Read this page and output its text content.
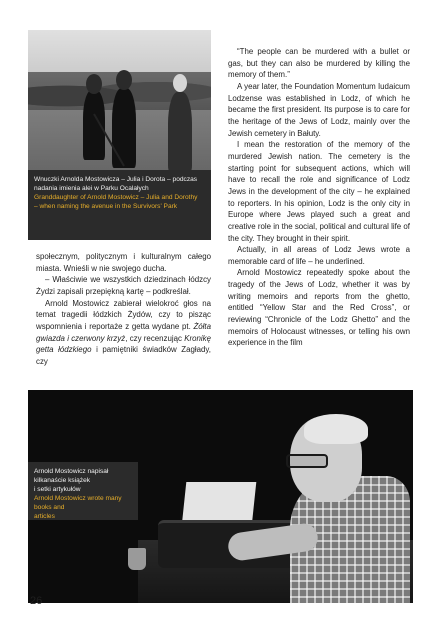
Wnuczki Arnolda Mostowicza – Julia i Dorota – podczas
nadania imienia alei w Parku Ocalałych
Granddaughter of Arnold Mostowicz – Julia and Dorothy
– when naming the avenue in the Survivors' Park

społecznym, politycznym i kulturalnym całego miasta. Wnieśli w nie swojego ducha.

– Właściwie we wszystkich dziedzinach łódzcy Żydzi zapisali przepiękną kartę – podkreślał.

Arnold Mostowicz zabierał wielokroć głos na temat tragedii łódzkich Żydów, czy to pisząc wspomnienia i reportaże z getta wydane pt. Żółta gwiazda i czerwony krzyż, czy recenzując Kronikę getta łódzkiego i pamiętniki świadków Zagłady, czy

“The people can be murdered with a bullet or gas, but they can also be murdered by killing the memory of them.”

A year later, the Foundation Momentum Iudaicum Lodzense was established in Lodz, of which he became the first president. Its purpose is to care for the heritage of the Jews of Lodz, mainly over the Jewish cemetery in Bałuty.

I mean the restoration of the memory of the murdered Jewish nation. The cemetery is the starting point for subsequent actions, which will have to recall the role and significance of Lodz Jews in the development of the city – he explained to reporters. In his opinion, Lodz is the only city in Europe where Jews played such a great and creative role in the social, political and cultural life of the city. They brought in their spirit.

Actually, in all areas of Lodz Jews wrote a memorable card of life – he underlined.

Arnold Mostowicz repeatedly spoke about the tragedy of the Jews of Lodz, whether it was by writing memoirs and reports from the ghetto, entitled “Yellow Star and the Red Cross”, or reviewing “Chronicle of the Lodz Ghetto” and the memoirs of Holocaust witnesses, or telling his own experience in the film

Arnold Mostowicz napisał kilkanaście książek
i setki artykułów
Arnold Mostowicz wrote many books and
articles
26
